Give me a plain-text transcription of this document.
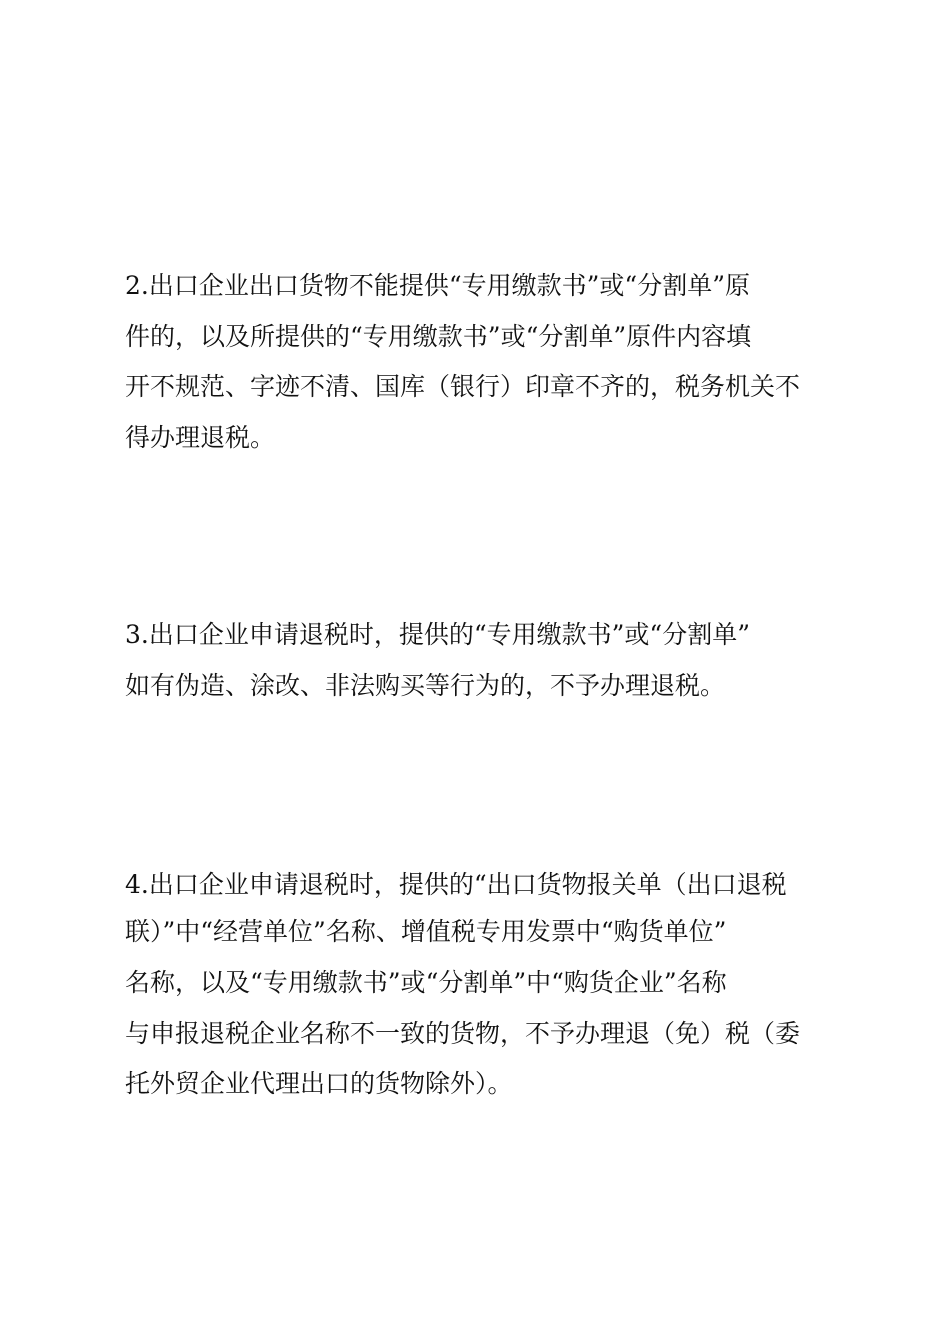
2.出口企业出口货物不能提供“专用缴款书”或“分割单”原
件的，以及所提供的“专用缴款书”或“分割单”原件内容填
开不规范、字迹不清、国库（银行）印章不齐的，税务机关不
得办理退税。
3.出口企业申请退税时，提供的“专用缴款书”或“分割单”
如有伪造、涂改、非法购买等行为的，不予办理退税。
4.出口企业申请退税时，提供的“出口货物报关单（出口退税
联）”中“经营单位”名称、增值税专用发票中“购货单位”
名称，以及“专用缴款书”或“分割单”中“购货企业”名称
与申报退税企业名称不一致的货物，不予办理退（免）税（委
托外贸企业代理出口的货物除外）。
